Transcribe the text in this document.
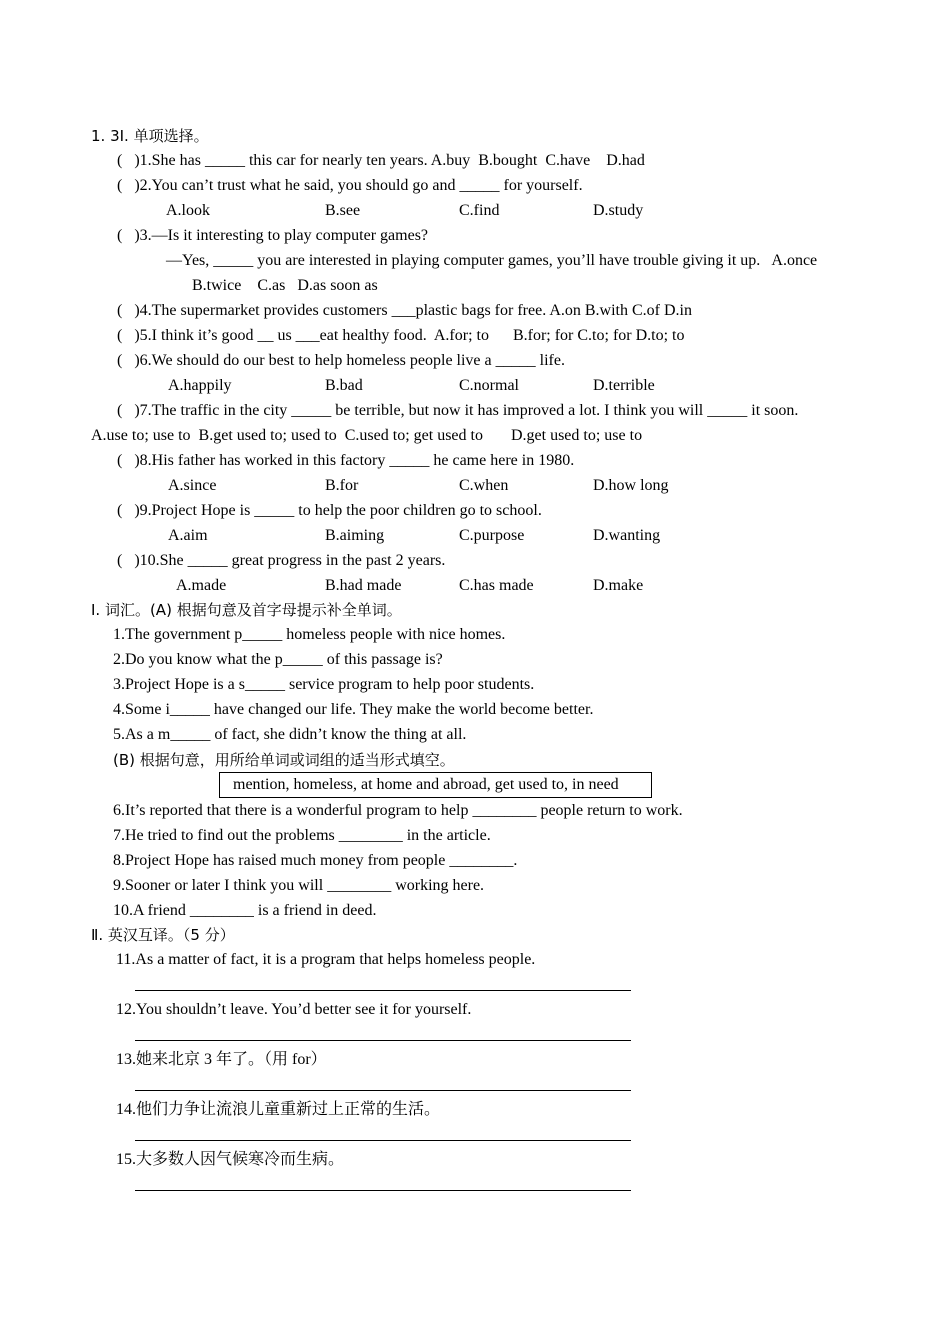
1. 3Ⅰ. 单项选择。
(   )1.She has _____ this car for nearly ten years. A.buy  B.bought  C.have    D.had
(   )2.You can’t trust what he said, you should go and _____ for yourself.
A.look	B.see	C.find	D.study
(   )3.—Is it interesting to play computer games?
—Yes, _____ you are interested in playing computer games, you’ll have trouble giving it up.   A.once
B.twice    C.as   D.as soon as
(   )4.The supermarket provides customers ___plastic bags for free. A.on B.with C.of D.in
(   )5.I think it’s good __ us ___eat healthy food.  A.for; to      B.for; for C.to; for D.to; to
(   )6.We should do our best to help homeless people live a _____ life.
A.happily	B.bad	C.normal	D.terrible
(   )7.The traffic in the city _____ be terrible, but now it has improved a lot. I think you will _____ it soon.
A.use to; use to  B.get used to; used to  C.used to; get used to       D.get used to; use to
(   )8.His father has worked in this factory _____ he came here in 1980.
A.since	B.for	C.when	D.how long
(   )9.Project Hope is _____ to help the poor children go to school.
A.aim	B.aiming	C.purpose	D.wanting
(   )10.She _____ great progress in the past 2 years.
A.made	B.had made	C.has made	D.make
Ⅰ. 词汇。(A) 根据句意及首字母提示补全单词。
1.The government p_____ homeless people with nice homes.
2.Do you know what the p_____ of this passage is?
3.Project Hope is a s_____ service program to help poor students.
4.Some i_____ have changed our life. They make the world become better.
5.As a m_____ of fact, she didn’t know the thing at all.
(B) 根据句意，用所给单词或词组的适当形式填空。
mention, homeless, at home and abroad, get used to, in need
6.It’s reported that there is a wonderful program to help ________ people return to work.
7.He tried to find out the problems ________ in the article.
8.Project Hope has raised much money from people ________.
9.Sooner or later I think you will ________ working here.
10.A friend ________ is a friend in deed.
Ⅱ. 英汉互译。（5 分）
11.As a matter of fact, it is a program that helps homeless people.
12.You shouldn’t leave. You’d better see it for yourself.
13.她来北京 3 年了。（用 for）
14.他们力争让流浪儿童重新过上正常的生活。
15.大多数人因气候寒冷而生病。
